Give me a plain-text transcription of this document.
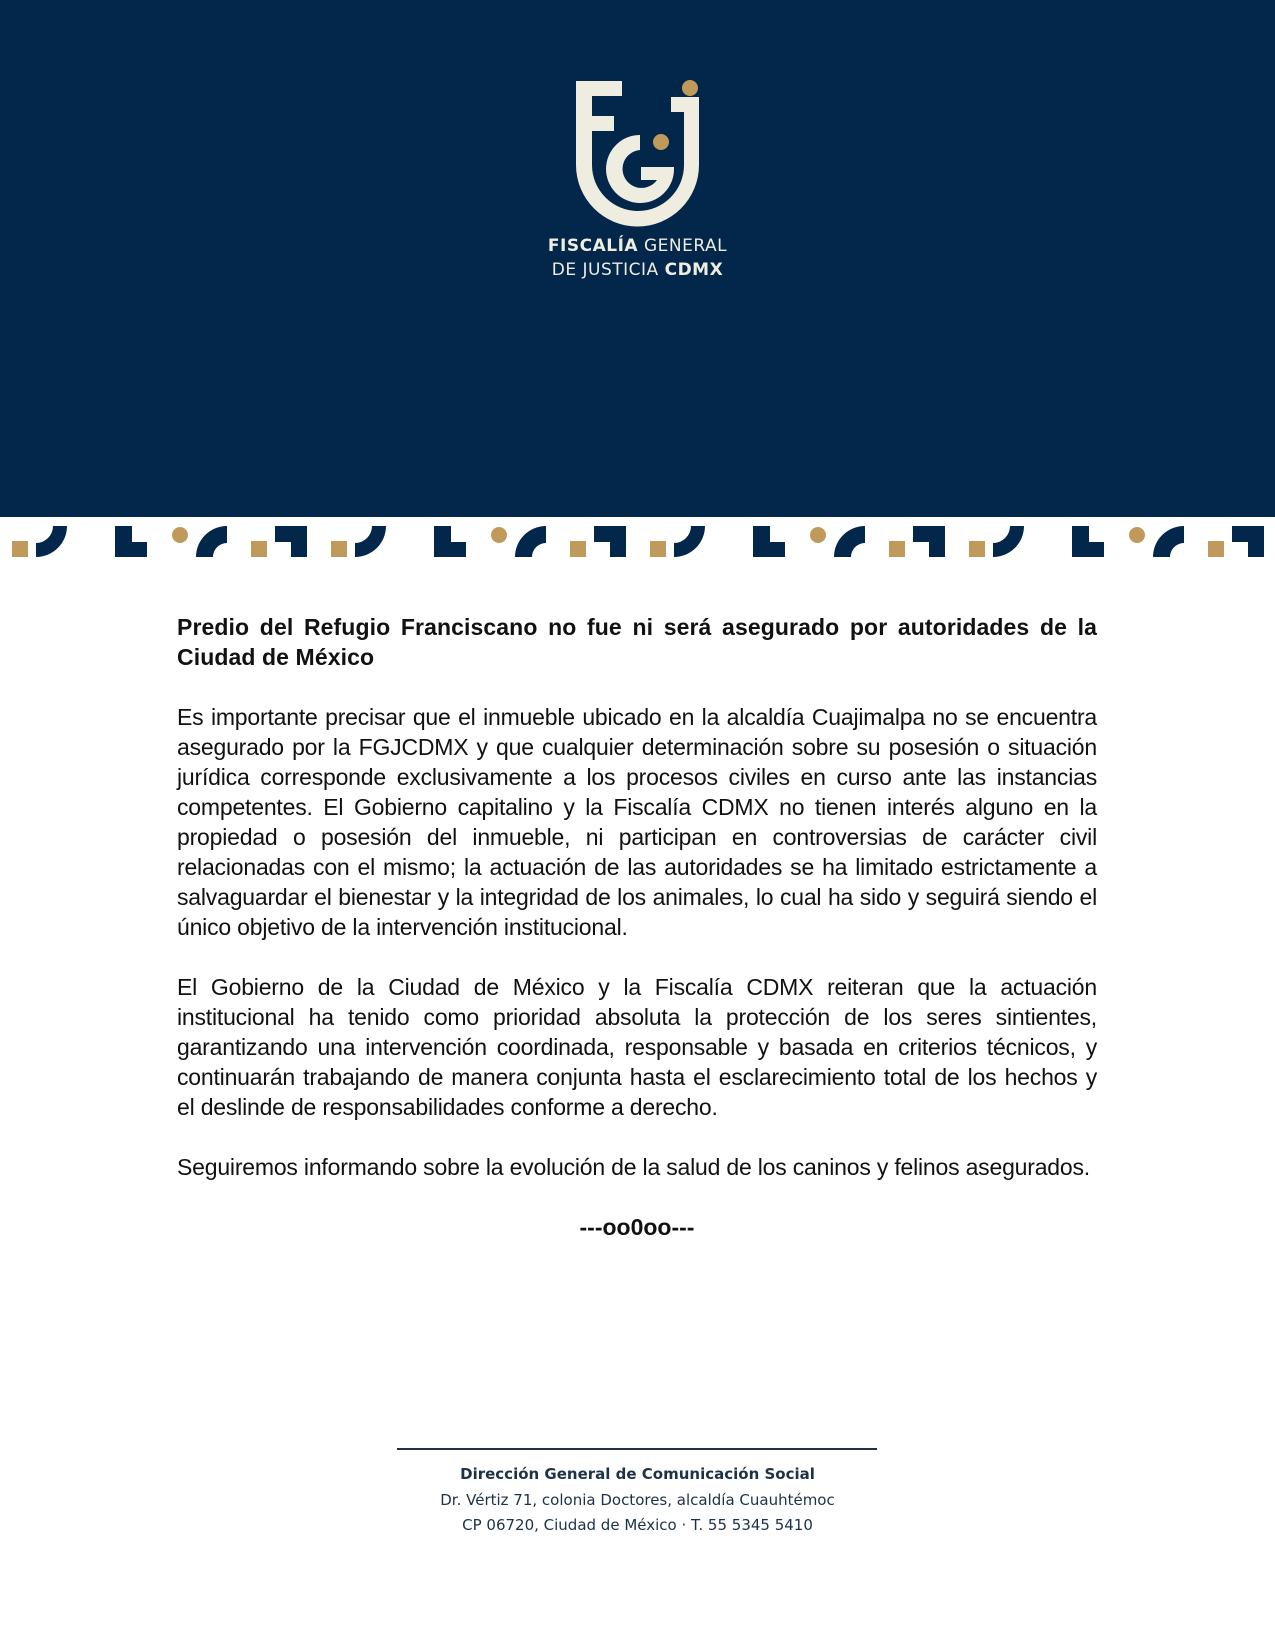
FISCALÍA GENERAL
DE JUSTICIA CDMX

Predio del Refugio Franciscano no fue ni será asegurado por autoridades de la Ciudad de México

Es importante precisar que el inmueble ubicado en la alcaldía Cuajimalpa no se encuentra asegurado por la FGJCDMX y que cualquier determinación sobre su posesión o situación jurídica corresponde exclusivamente a los procesos civiles en curso ante las instancias competentes. El Gobierno capitalino y la Fiscalía CDMX no tienen interés alguno en la propiedad o posesión del inmueble, ni participan en controversias de carácter civil relacionadas con el mismo; la actuación de las autoridades se ha limitado estrictamente a salvaguardar el bienestar y la integridad de los animales, lo cual ha sido y seguirá siendo el único objetivo de la intervención institucional.

El Gobierno de la Ciudad de México y la Fiscalía CDMX reiteran que la actuación institucional ha tenido como prioridad absoluta la protección de los seres sintientes, garantizando una intervención coordinada, responsable y basada en criterios técnicos, y continuarán trabajando de manera conjunta hasta el esclarecimiento total de los hechos y el deslinde de responsabilidades conforme a derecho.

Seguiremos informando sobre la evolución de la salud de los caninos y felinos asegurados.

---oo0oo---

Dirección General de Comunicación Social
Dr. Vértiz 71, colonia Doctores, alcaldía Cuauhtémoc
CP 06720, Ciudad de México · T. 55 5345 5410
